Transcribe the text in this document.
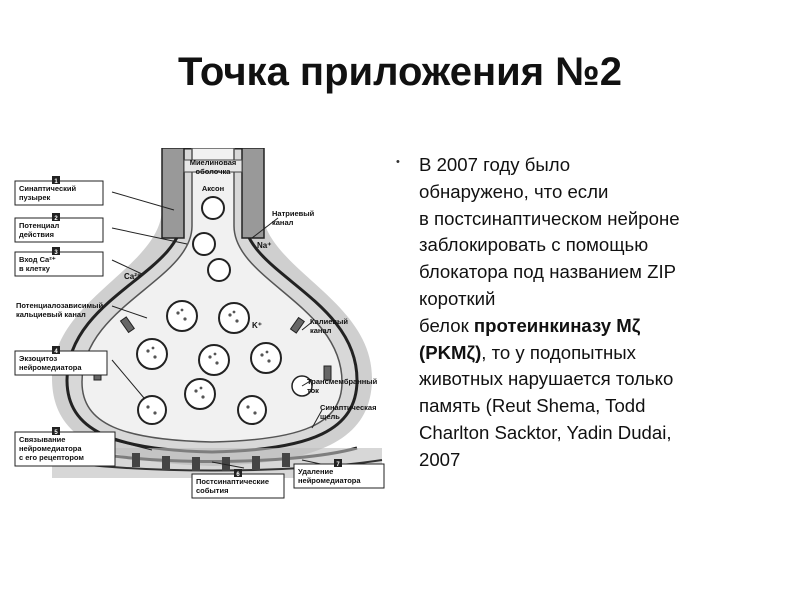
Точка приложения №2
Миелиновая
оболочка
Аксон
Натриевый
канал
Na⁺
Ca²⁺
K⁺	Калиевый
канал
Трансмембранный
ток
Синаптическая
щель
Потенциалозависимый
кальциевый канал
1
Синаптический
пузырек
2
Потенциал
действия
3
Вход Ca²⁺
в клетку
4
Экзоцитоз
нейромедиатора
5
Связывание
нейромедиатора
с его рецептором
6
Постсинаптические
события
7
Удаление
нейромедиатора
• В 2007 году было
обнаружено, что если
в постсинаптическом нейроне
заблокировать с помощью
блокатора под названием ZIP
короткий
белок протеинкиназу Mζ
(PKMζ), то у подопытных
животных нарушается только
память (Reut Shema, Todd
Charlton Sacktor, Yadin Dudai,
2007
